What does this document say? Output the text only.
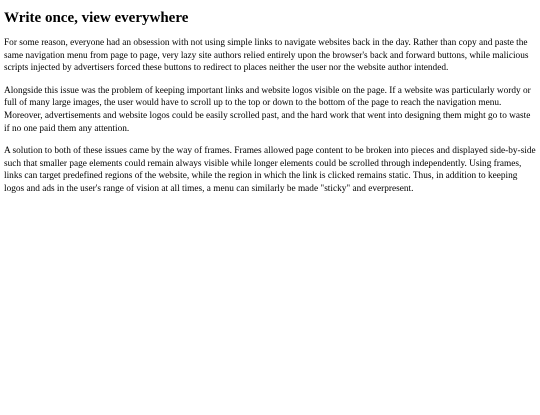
Write once, view everywhere

For some reason, everyone had an obsession with not using simple links to navigate websites back in the day. Rather than copy and paste the same navigation menu from page to page, very lazy site authors relied entirely upon the browser's back and forward buttons, while malicious scripts injected by advertisers forced these buttons to redirect to places neither the user nor the website author intended.

Alongside this issue was the problem of keeping important links and website logos visible on the page. If a website was particularly wordy or full of many large images, the user would have to scroll up to the top or down to the bottom of the page to reach the navigation menu. Moreover, advertisements and website logos could be easily scrolled past, and the hard work that went into designing them might go to waste if no one paid them any attention.

A solution to both of these issues came by the way of frames. Frames allowed page content to be broken into pieces and displayed side-by-side such that smaller page elements could remain always visible while longer elements could be scrolled through independently. Using frames, links can target predefined regions of the website, while the region in which the link is clicked remains static. Thus, in addition to keeping logos and ads in the user's range of vision at all times, a menu can similarly be made "sticky" and everpresent.
